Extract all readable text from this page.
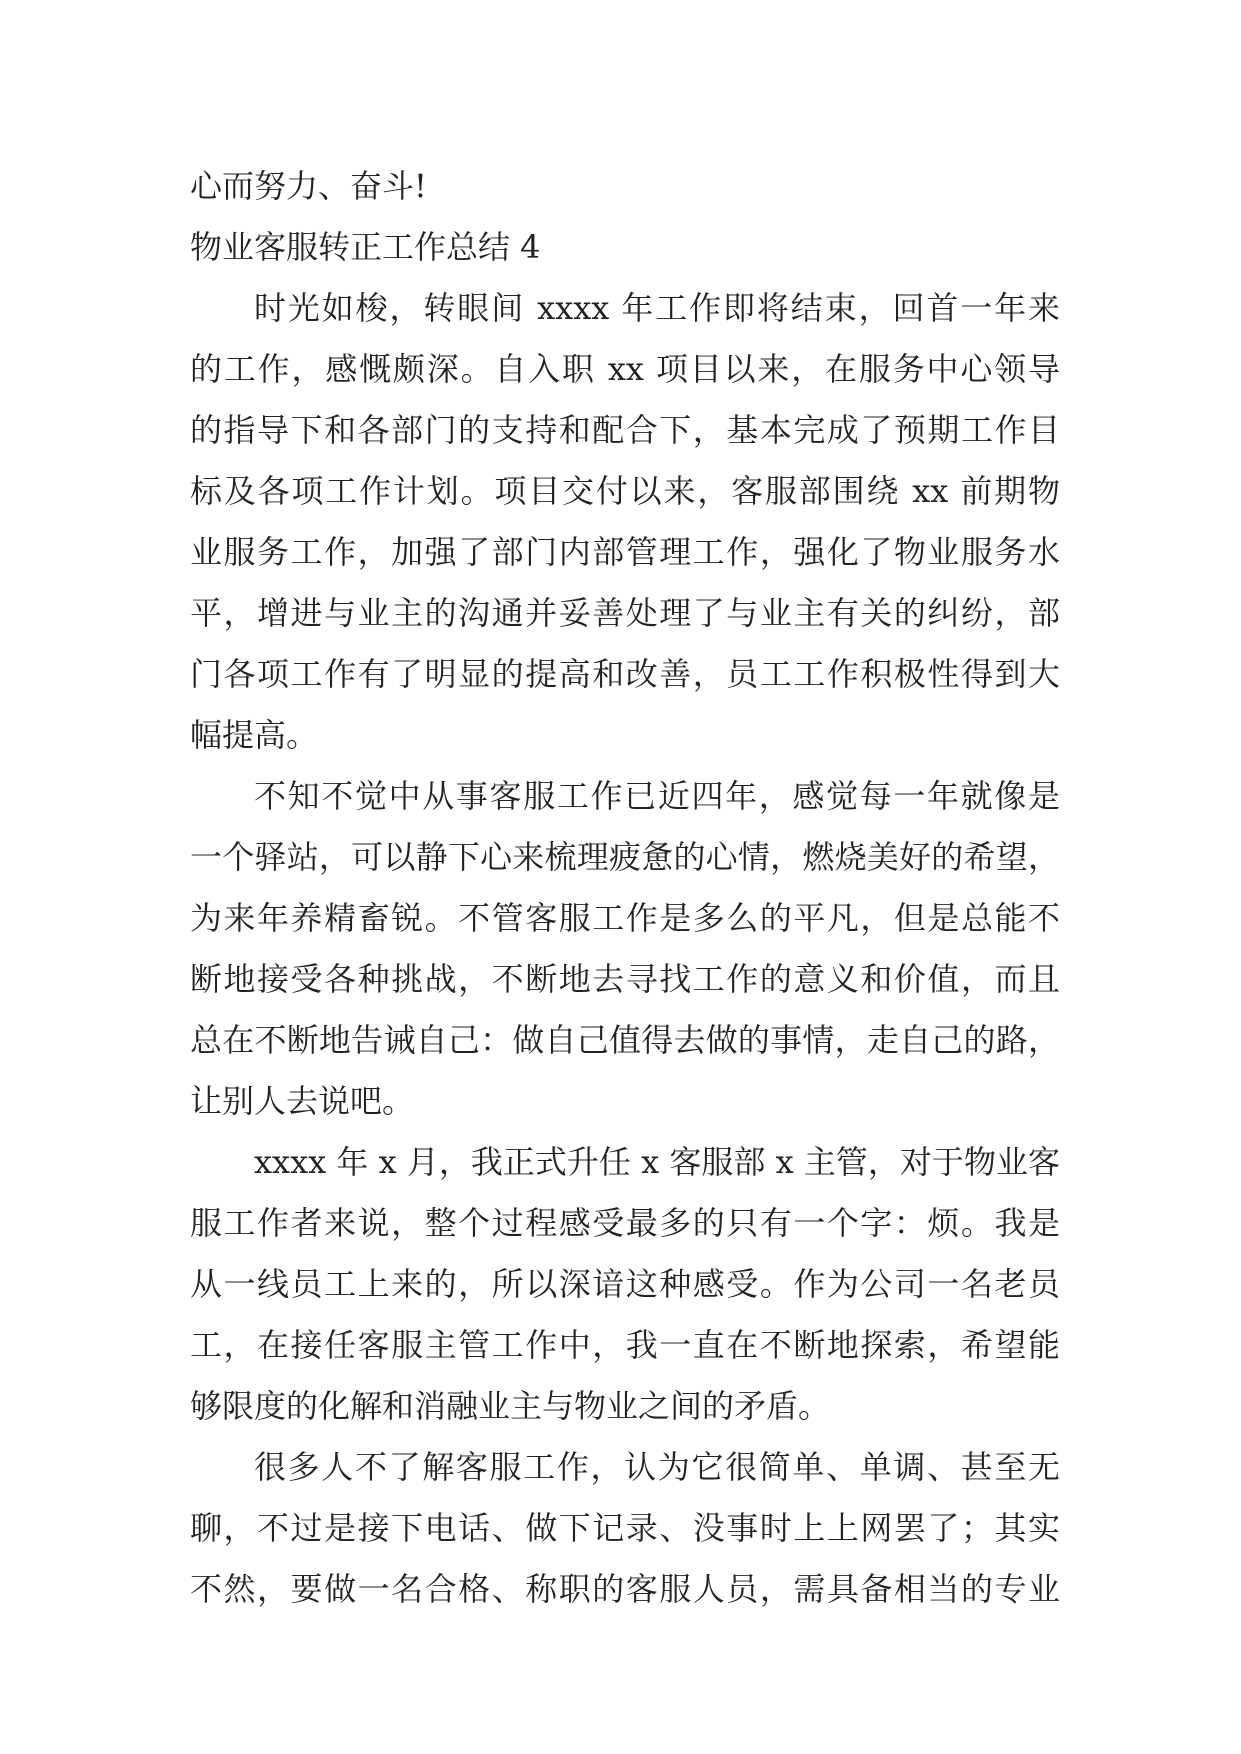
心而努力、奋斗!
物业客服转正工作总结 4
时光如梭，转眼间 xxxx 年工作即将结束，回首一年来
的工作，感慨颇深。自入职 xx 项目以来，在服务中心领导
的指导下和各部门的支持和配合下，基本完成了预期工作目
标及各项工作计划。项目交付以来，客服部围绕 xx 前期物
业服务工作，加强了部门内部管理工作，强化了物业服务水
平，增进与业主的沟通并妥善处理了与业主有关的纠纷，部
门各项工作有了明显的提高和改善，员工工作积极性得到大
幅提高。
不知不觉中从事客服工作已近四年，感觉每一年就像是
一个驿站，可以静下心来梳理疲惫的心情，燃烧美好的希望，
为来年养精畜锐。不管客服工作是多么的平凡，但是总能不
断地接受各种挑战，不断地去寻找工作的意义和价值，而且
总在不断地告诫自己：做自己值得去做的事情，走自己的路，
让别人去说吧。
xxxx 年 x 月，我正式升任 x 客服部 x 主管，对于物业客
服工作者来说，整个过程感受最多的只有一个字：烦。我是
从一线员工上来的，所以深谙这种感受。作为公司一名老员
工，在接任客服主管工作中，我一直在不断地探索，希望能
够限度的化解和消融业主与物业之间的矛盾。
很多人不了解客服工作，认为它很简单、单调、甚至无
聊，不过是接下电话、做下记录、没事时上上网罢了；其实
不然，要做一名合格、称职的客服人员，需具备相当的专业
